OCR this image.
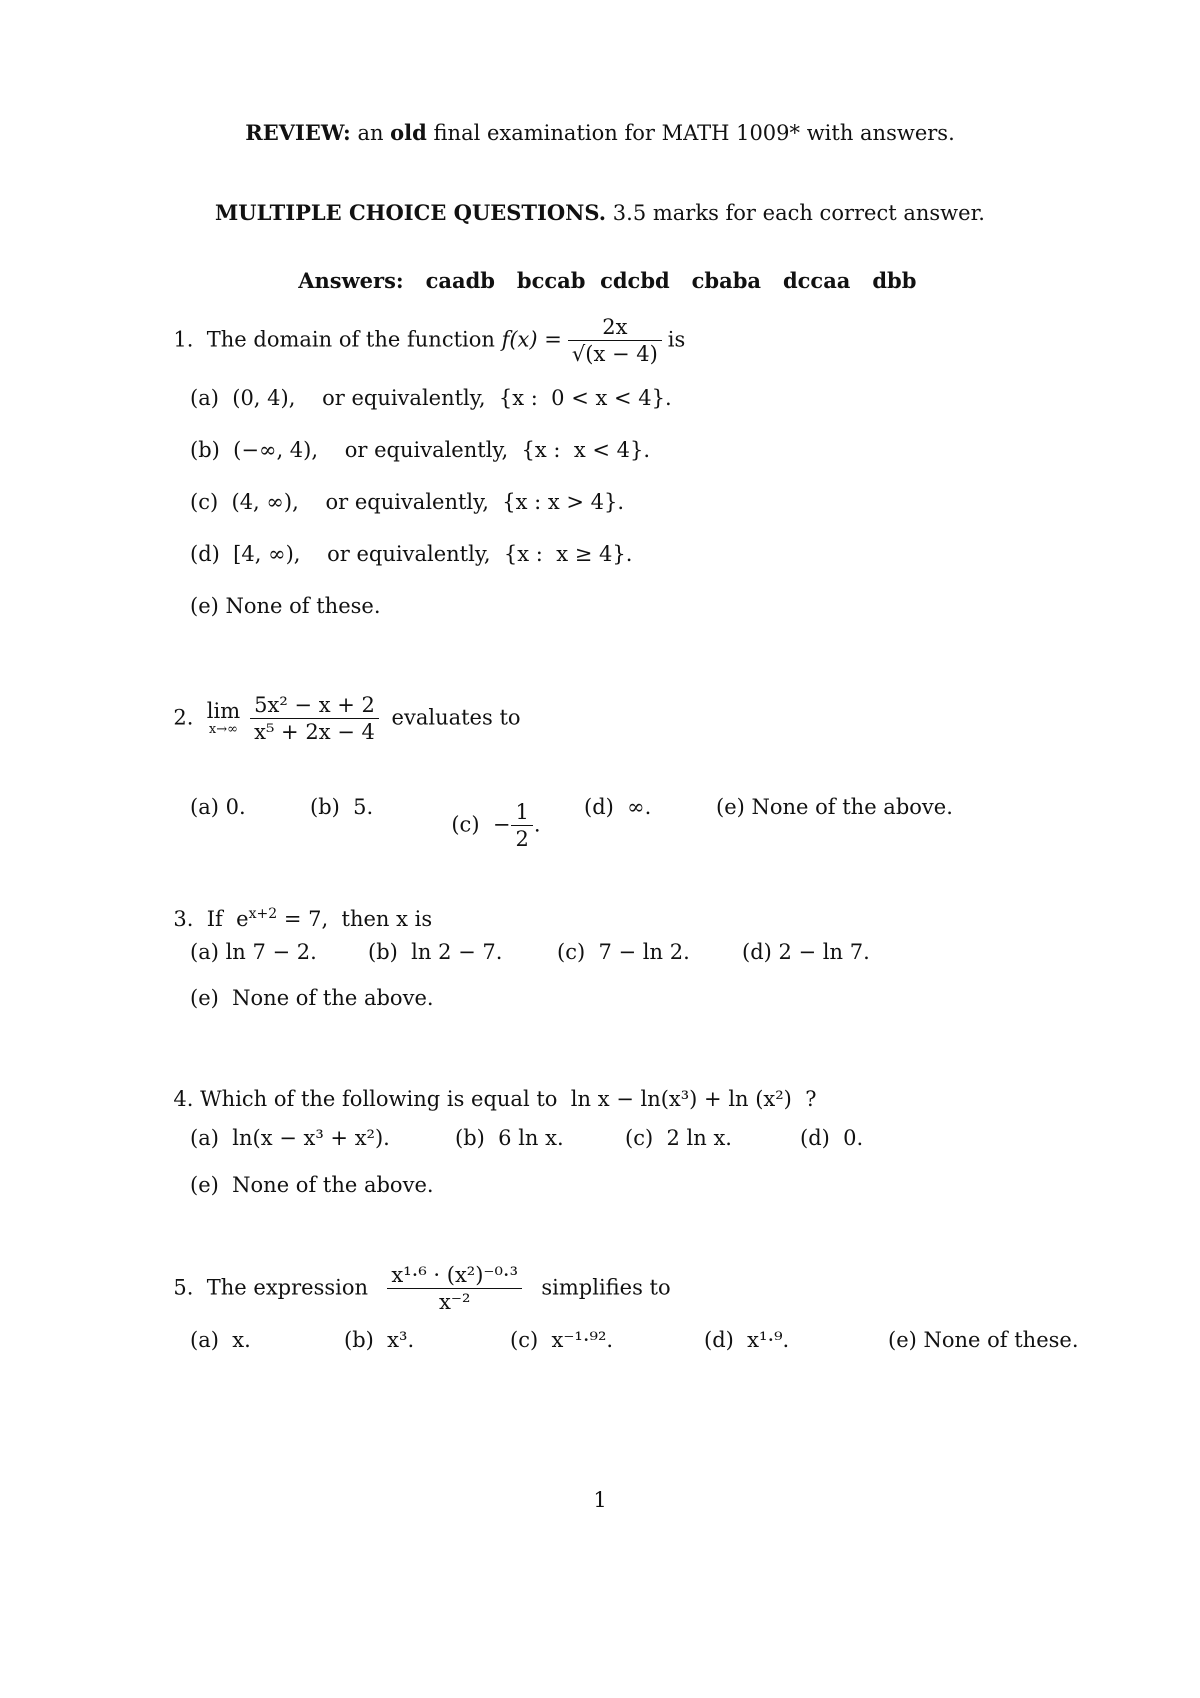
REVIEW: an old final examination for MATH 1009* with answers.
MULTIPLE CHOICE QUESTIONS. 3.5 marks for each correct answer.

Answers: caadb   bccab  cdcbd   cbaba   dccaa   dbb

1. The domain of the function $f(x) = \frac{2x}{√(x - 4)}$ is

(a)  (0, 4),    or equivalently,  {x :  0 < x < 4}.
(b)  (−∞, 4),    or equivalently,  {x :  x < 4}.
(c)  (4, ∞),    or equivalently,  {x : x > 4}.
(d)  [4, ∞),    or equivalently,  {x :  x ≥ 4}.
(e) None of these.

2. lim
$x\to\infty \frac{\text{5x² − x + 2}}{\text{x⁵ + 2x − 4}}$ evaluates to

(a) 0.	(b)  5.

$(c) - \frac{1}{2}$ .

(d)  ∞.	(e) None of the above.

3. If  $e^{x+2} = 7$,  then x is

(a) ln 7 − 2. (b)  ln 2 − 7.	(c)  7 − ln 2. (d) 2 − ln 7.
(e)  None of the above.

4. Which of the following is equal to  ln x − ln(x³) + ln (x²)  ?

(a)  ln(x − x³ + x²).	(b)  6 ln x.	(c)  2 ln x.	(d)  0.
(e)  None of the above.

5. The expression $\frac{\text{x¹·⁶ · (x²)⁻⁰·³}}{\text{x⁻²}}$ simplifies to

(a)  x.	(b)  x³.	(c)  x⁻¹·⁹².	(d)  x¹·⁹.	(e) None of these.
1
